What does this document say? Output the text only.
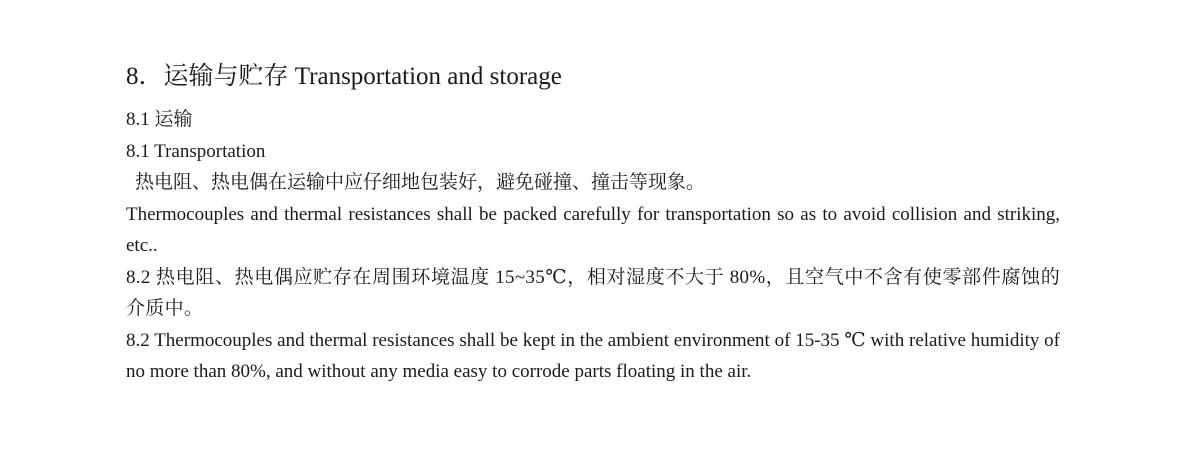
8．运输与贮存 Transportation and storage
8.1 运输
8.1 Transportation
热电阻、热电偶在运输中应仔细地包装好，避免碰撞、撞击等现象。
Thermocouples and thermal resistances shall be packed carefully for transportation so as to avoid collision and striking, etc..
8.2 热电阻、热电偶应贮存在周围环境温度 15~35℃，相对湿度不大于 80%，且空气中不含有使零部件腐蚀的介质中。
8.2 Thermocouples and thermal resistances shall be kept in the ambient environment of 15-35 ℃ with relative humidity of no more than 80%, and without any media easy to corrode parts floating in the air.
